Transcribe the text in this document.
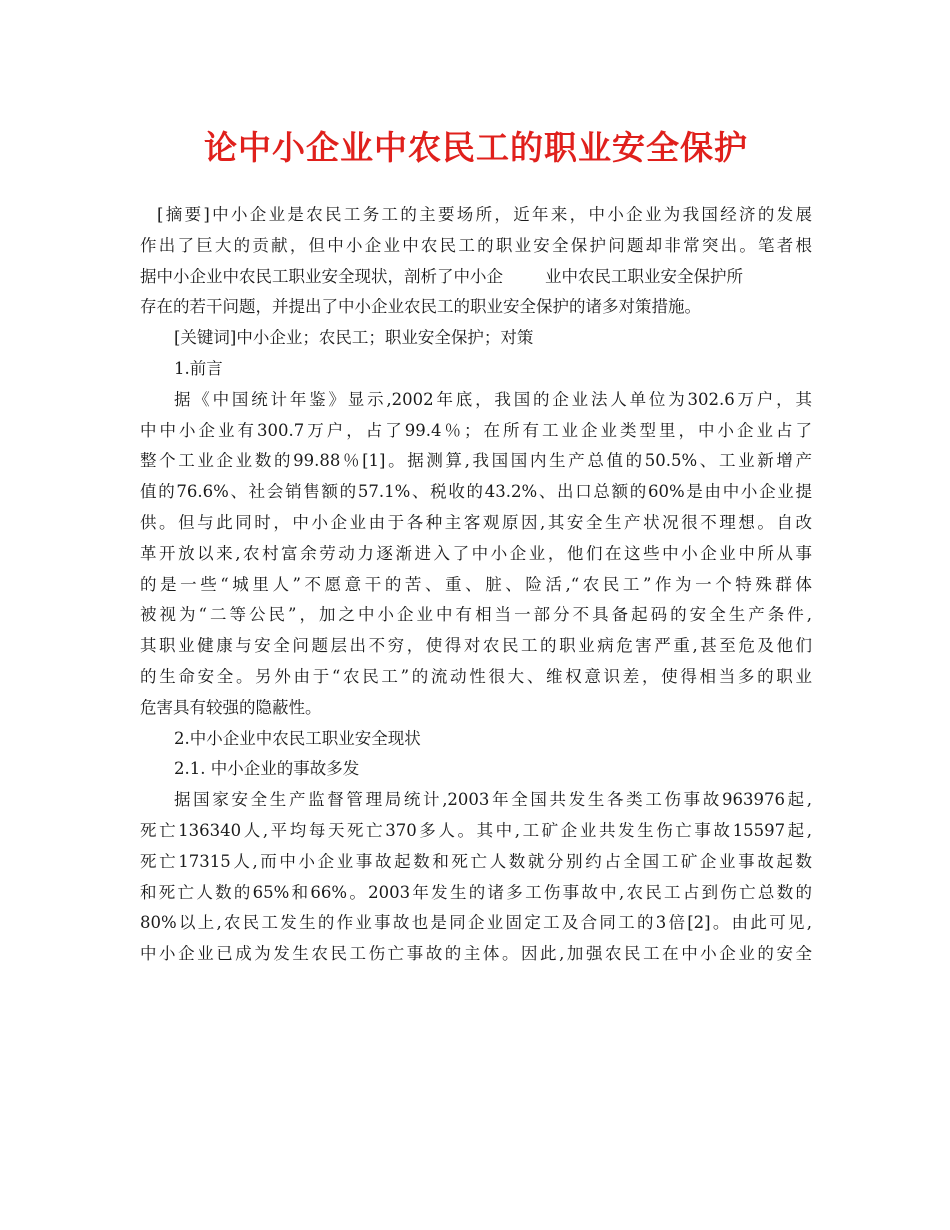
论中小企业中农民工的职业安全保护
[摘要]中小企业是农民工务工的主要场所，近年来，中小企业为我国经济的发展
作出了巨大的贡献，但中小企业中农民工的职业安全保护问题却非常突出。笔者根
据中小企业中农民工职业安全现状，剖析了中小企	业中农民工职业安全保护所
存在的若干问题，并提出了中小企业农民工的职业安全保护的诸多对策措施。
[关键词]中小企业；农民工；职业安全保护；对策
1.前言
据《中国统计年鉴》显示,2002年底，我国的企业法人单位为302.6万户，其
中中小企业有300.7万户，占了99.4％；在所有工业企业类型里，中小企业占了
整个工业企业数的99.88％[1]。据测算,我国国内生产总值的50.5%、工业新增产
值的76.6%、社会销售额的57.1%、税收的43.2%、出口总额的60%是由中小企业提
供。但与此同时，中小企业由于各种主客观原因,其安全生产状况很不理想。自改
革开放以来,农村富余劳动力逐渐进入了中小企业，他们在这些中小企业中所从事
的是一些“城里人”不愿意干的苦、重、脏、险活,“农民工”作为一个特殊群体
被视为“二等公民”，加之中小企业中有相当一部分不具备起码的安全生产条件,
其职业健康与安全问题层出不穷，使得对农民工的职业病危害严重,甚至危及他们
的生命安全。另外由于“农民工”的流动性很大、维权意识差，使得相当多的职业
危害具有较强的隐蔽性。
2.中小企业中农民工职业安全现状
2.1. 中小企业的事故多发
据国家安全生产监督管理局统计,2003年全国共发生各类工伤事故963976起,
死亡136340人,平均每天死亡370多人。其中,工矿企业共发生伤亡事故15597起,
死亡17315人,而中小企业事故起数和死亡人数就分别约占全国工矿企业事故起数
和死亡人数的65%和66%。2003年发生的诸多工伤事故中,农民工占到伤亡总数的
80%以上,农民工发生的作业事故也是同企业固定工及合同工的3倍[2]。由此可见,
中小企业已成为发生农民工伤亡事故的主体。因此,加强农民工在中小企业的安全
